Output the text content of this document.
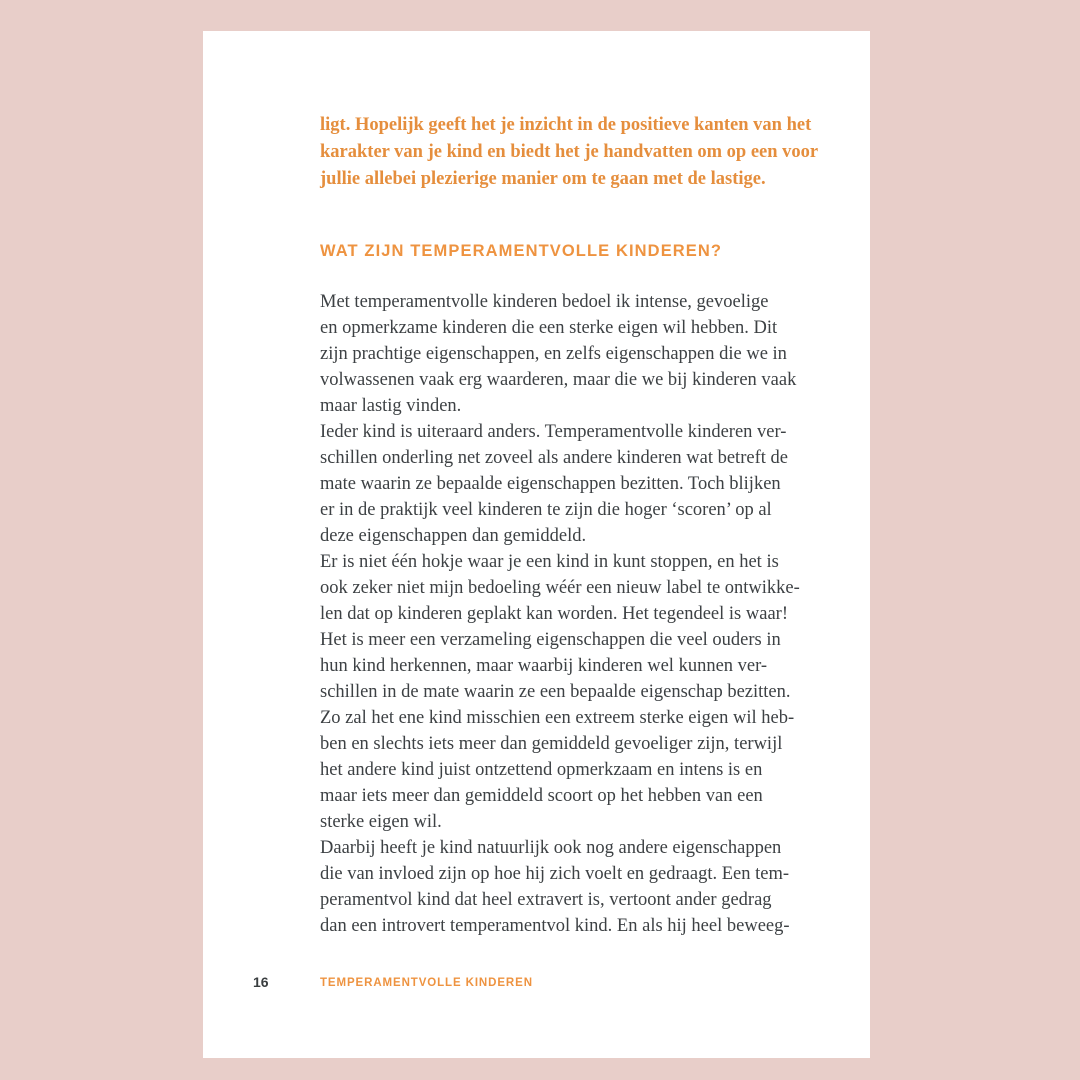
ligt. Hopelijk geeft het je inzicht in de positieve kanten van het
karakter van je kind en biedt het je handvatten om op een voor
jullie allebei plezierige manier om te gaan met de lastige.
WAT ZIJN TEMPERAMENTVOLLE KINDEREN?
Met temperamentvolle kinderen bedoel ik intense, gevoelige
en opmerkzame kinderen die een sterke eigen wil hebben. Dit
zijn prachtige eigenschappen, en zelfs eigenschappen die we in
volwassenen vaak erg waarderen, maar die we bij kinderen vaak
maar lastig vinden.
Ieder kind is uiteraard anders. Temperamentvolle kinderen ver-
schillen onderling net zoveel als andere kinderen wat betreft de
mate waarin ze bepaalde eigenschappen bezitten. Toch blijken
er in de praktijk veel kinderen te zijn die hoger ‘scoren’ op al
deze eigenschappen dan gemiddeld.
Er is niet één hokje waar je een kind in kunt stoppen, en het is
ook zeker niet mijn bedoeling wéér een nieuw label te ontwikke-
len dat op kinderen geplakt kan worden. Het tegendeel is waar!
Het is meer een verzameling eigenschappen die veel ouders in
hun kind herkennen, maar waarbij kinderen wel kunnen ver-
schillen in de mate waarin ze een bepaalde eigenschap bezitten.
Zo zal het ene kind misschien een extreem sterke eigen wil heb-
ben en slechts iets meer dan gemiddeld gevoeliger zijn, terwijl
het andere kind juist ontzettend opmerkzaam en intens is en
maar iets meer dan gemiddeld scoort op het hebben van een
sterke eigen wil.
Daarbij heeft je kind natuurlijk ook nog andere eigenschappen
die van invloed zijn op hoe hij zich voelt en gedraagt. Een tem-
peramentvol kind dat heel extravert is, vertoont ander gedrag
dan een introvert temperamentvol kind. En als hij heel beweeg-
16	TEMPERAMENTVOLLE KINDEREN
